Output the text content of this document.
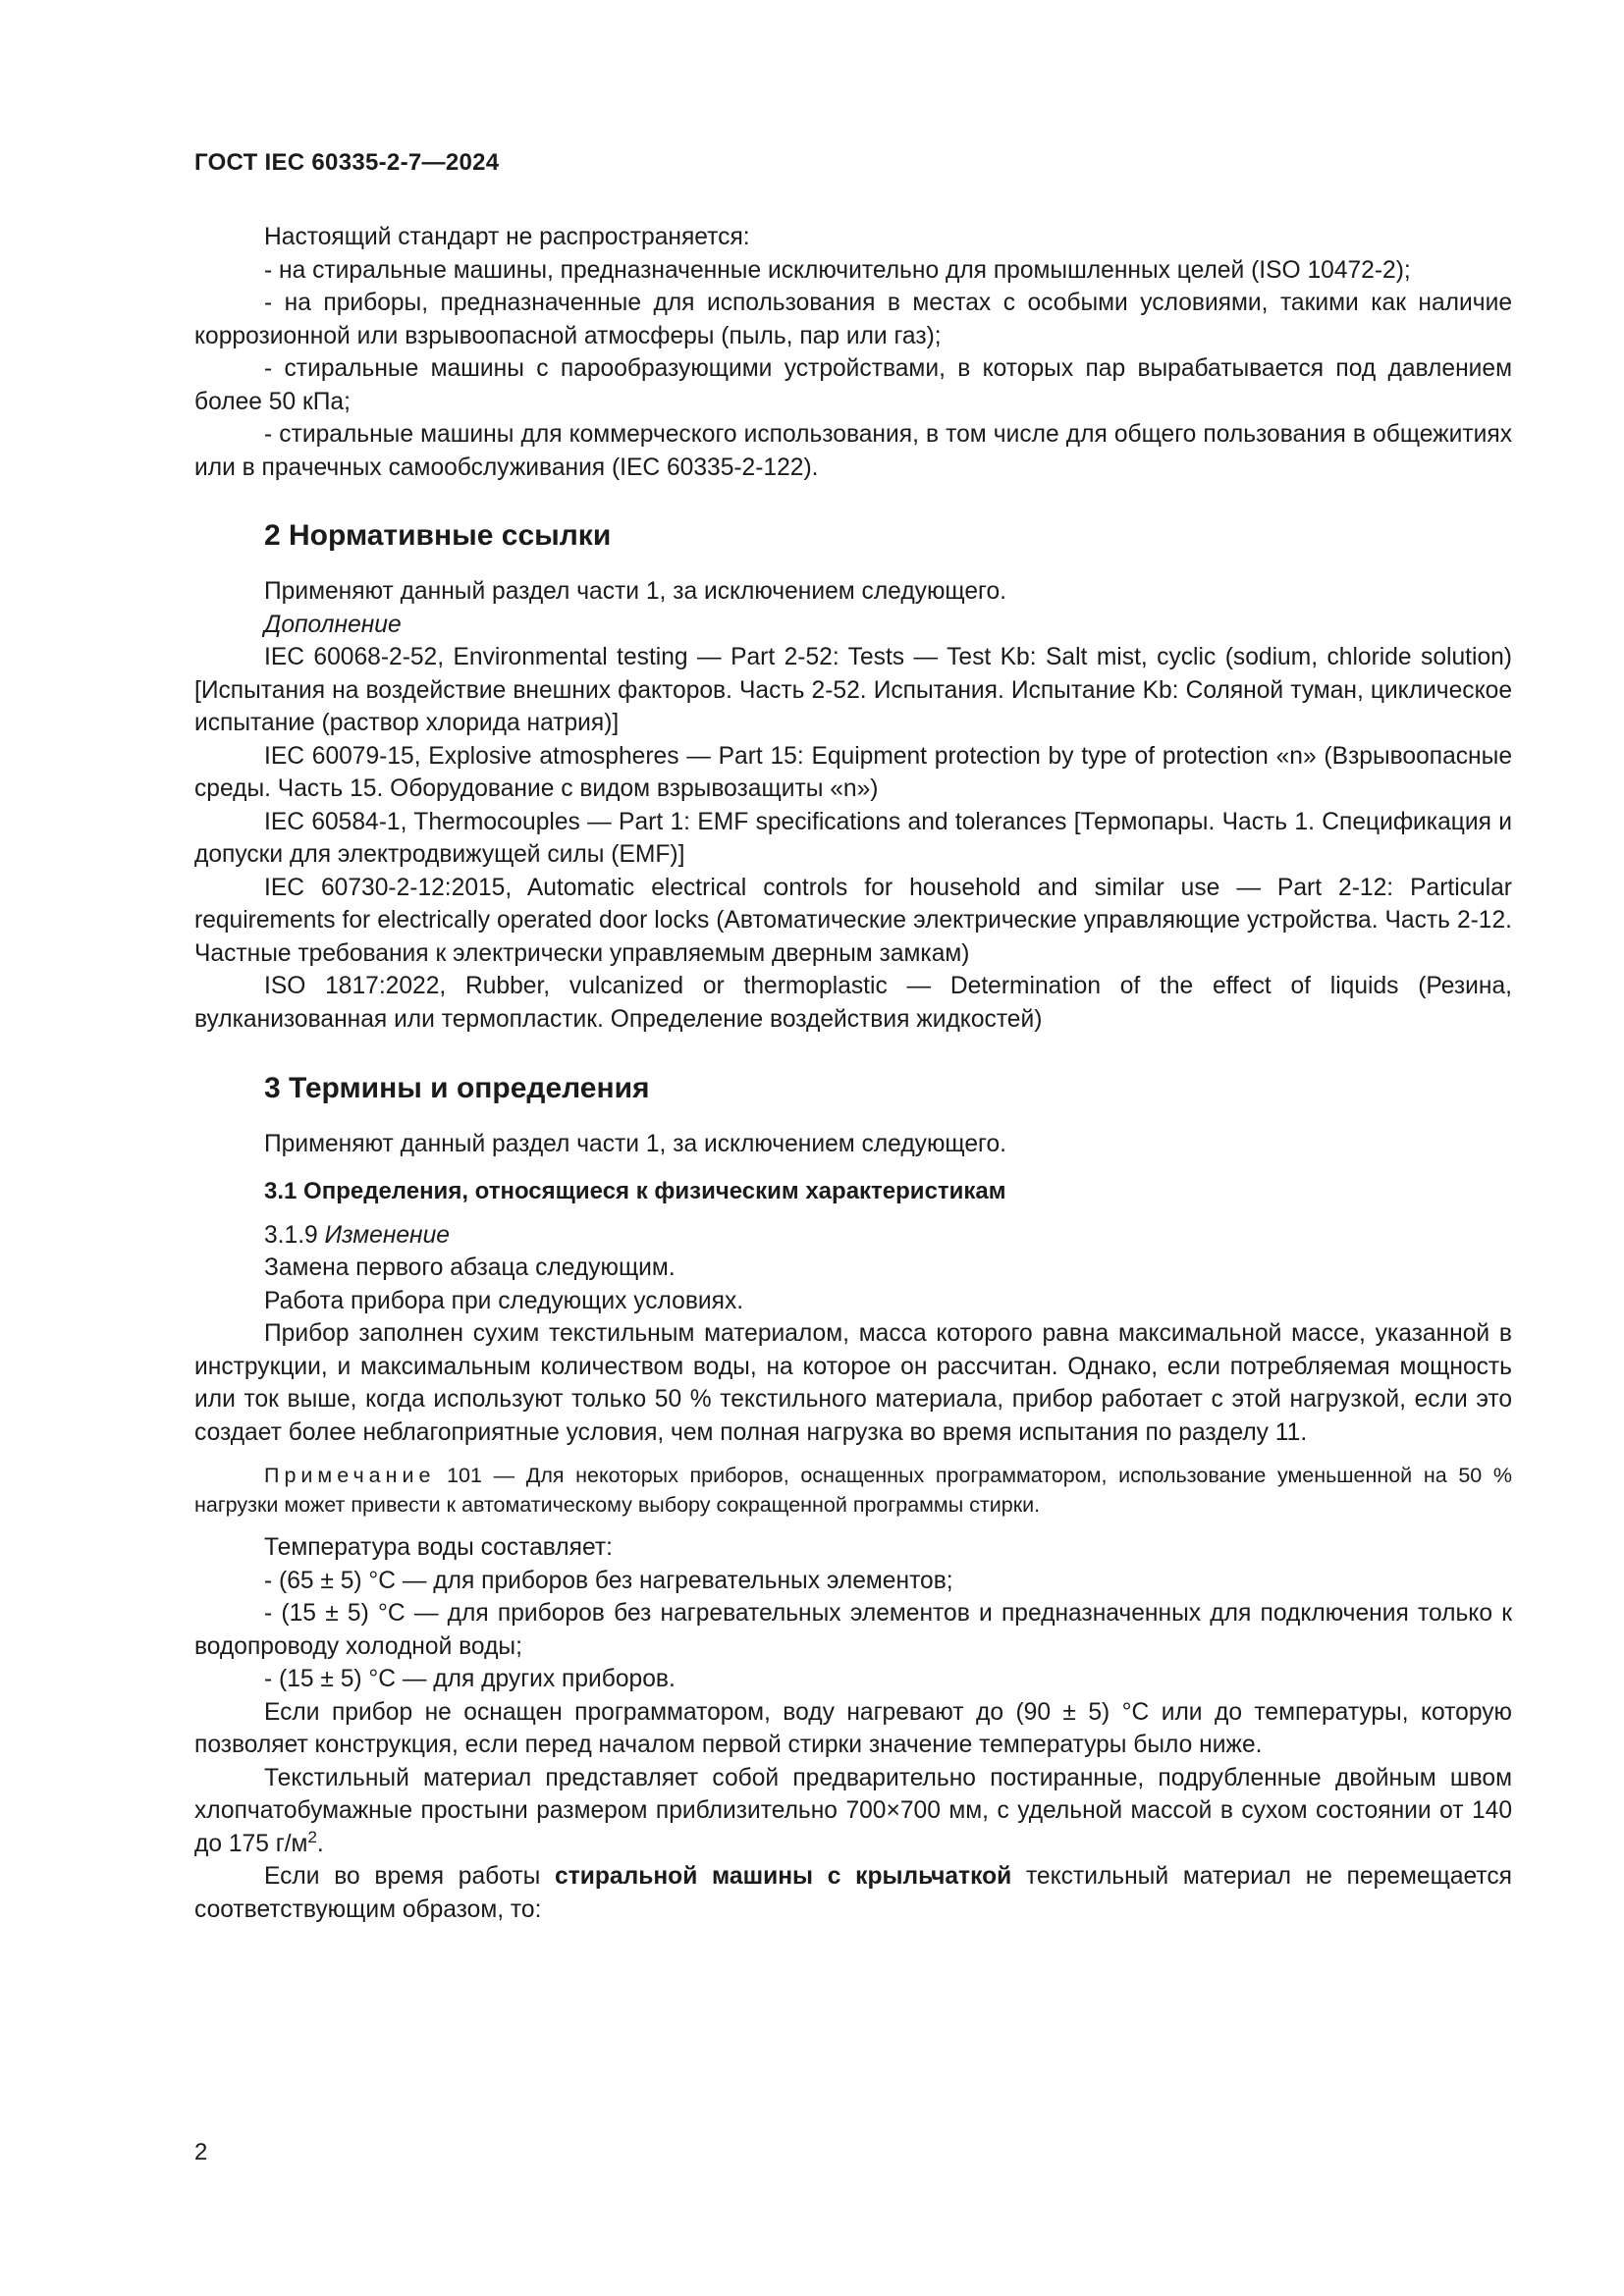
ГОСТ IEC 60335-2-7—2024

Настоящий стандарт не распространяется:

- на стиральные машины, предназначенные исключительно для промышленных целей (ISO 10472-2);

- на приборы, предназначенные для использования в местах с особыми условиями, такими как наличие коррозионной или взрывоопасной атмосферы (пыль, пар или газ);

- стиральные машины с парообразующими устройствами, в которых пар вырабатывается под давлением более 50 кПа;

- стиральные машины для коммерческого использования, в том числе для общего пользования в общежитиях или в прачечных самообслуживания (IEC 60335-2-122).

2 Нормативные ссылки

Применяют данный раздел части 1, за исключением следующего.

Дополнение

IEC 60068-2-52, Environmental testing — Part 2-52: Tests — Test Kb: Salt mist, cyclic (sodium, chloride solution) [Испытания на воздействие внешних факторов. Часть 2-52. Испытания. Испытание Kb: Соляной туман, циклическое испытание (раствор хлорида натрия)]

IEC 60079-15, Explosive atmospheres — Part 15: Equipment protection by type of protection «n» (Взрывоопасные среды. Часть 15. Оборудование с видом взрывозащиты «n»)

IEC 60584-1, Thermocouples — Part 1: EMF specifications and tolerances [Термопары. Часть 1. Спецификация и допуски для электродвижущей силы (EMF)]

IEC 60730-2-12:2015, Automatic electrical controls for household and similar use — Part 2-12: Particular requirements for electrically operated door locks (Автоматические электрические управляющие устройства. Часть 2-12. Частные требования к электрически управляемым дверным замкам)

ISO 1817:2022, Rubber, vulcanized or thermoplastic — Determination of the effect of liquids (Резина, вулканизованная или термопластик. Определение воздействия жидкостей)

3 Термины и определения

Применяют данный раздел части 1, за исключением следующего.

3.1 Определения, относящиеся к физическим характеристикам

3.1.9 Изменение

Замена первого абзаца следующим.

Работа прибора при следующих условиях.

Прибор заполнен сухим текстильным материалом, масса которого равна максимальной массе, указанной в инструкции, и максимальным количеством воды, на которое он рассчитан. Однако, если потребляемая мощность или ток выше, когда используют только 50 % текстильного материала, прибор работает с этой нагрузкой, если это создает более неблагоприятные условия, чем полная нагрузка во время испытания по разделу 11.

Примечание 101 — Для некоторых приборов, оснащенных программатором, использование уменьшенной на 50 % нагрузки может привести к автоматическому выбору сокращенной программы стирки.

Температура воды составляет:

- (65 ± 5) °C — для приборов без нагревательных элементов;

- (15 ± 5) °C — для приборов без нагревательных элементов и предназначенных для подключения только к водопроводу холодной воды;

- (15 ± 5) °C — для других приборов.

Если прибор не оснащен программатором, воду нагревают до (90 ± 5) °C или до температуры, которую позволяет конструкция, если перед началом первой стирки значение температуры было ниже.

Текстильный материал представляет собой предварительно постиранные, подрубленные двойным швом хлопчатобумажные простыни размером приблизительно 700×700 мм, с удельной массой в сухом состоянии от 140 до 175 $г/м^2$.

Если во время работы стиральной машины с крыльчаткой текстильный материал не перемещается соответствующим образом, то:

2
